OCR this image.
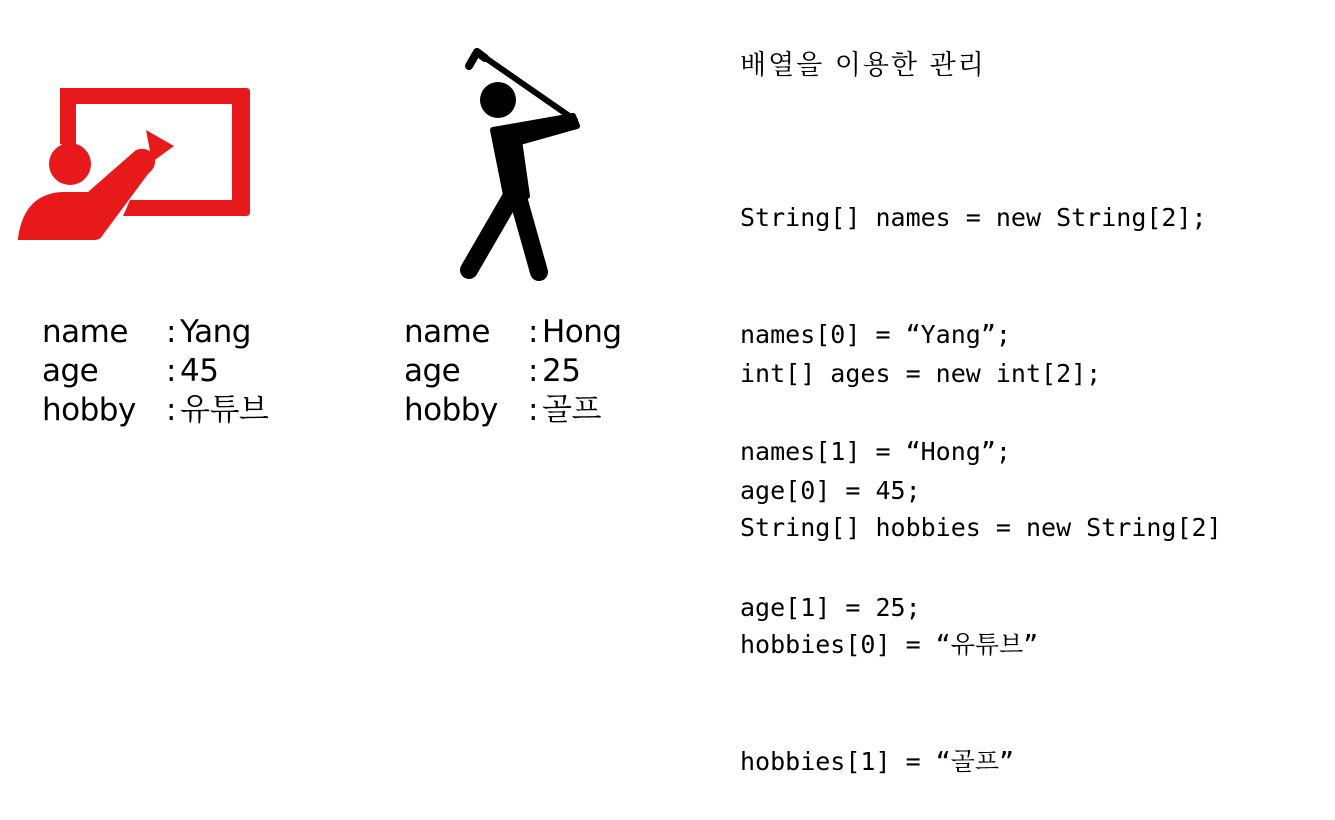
name	: Yang
age	: 45
hobby : 유튜브
name	: Hong
age	: 25
hobby : 골프
배열을 이용한 관리

String[] names = new String[2];

names[0] = “Yang”;

names[1] = “Hong”;

int[] ages = new int[2];

age[0] = 45;

age[1] = 25;

String[] hobbies = new String[2]

hobbies[0] = “유튜브”

hobbies[1] = “골프”
